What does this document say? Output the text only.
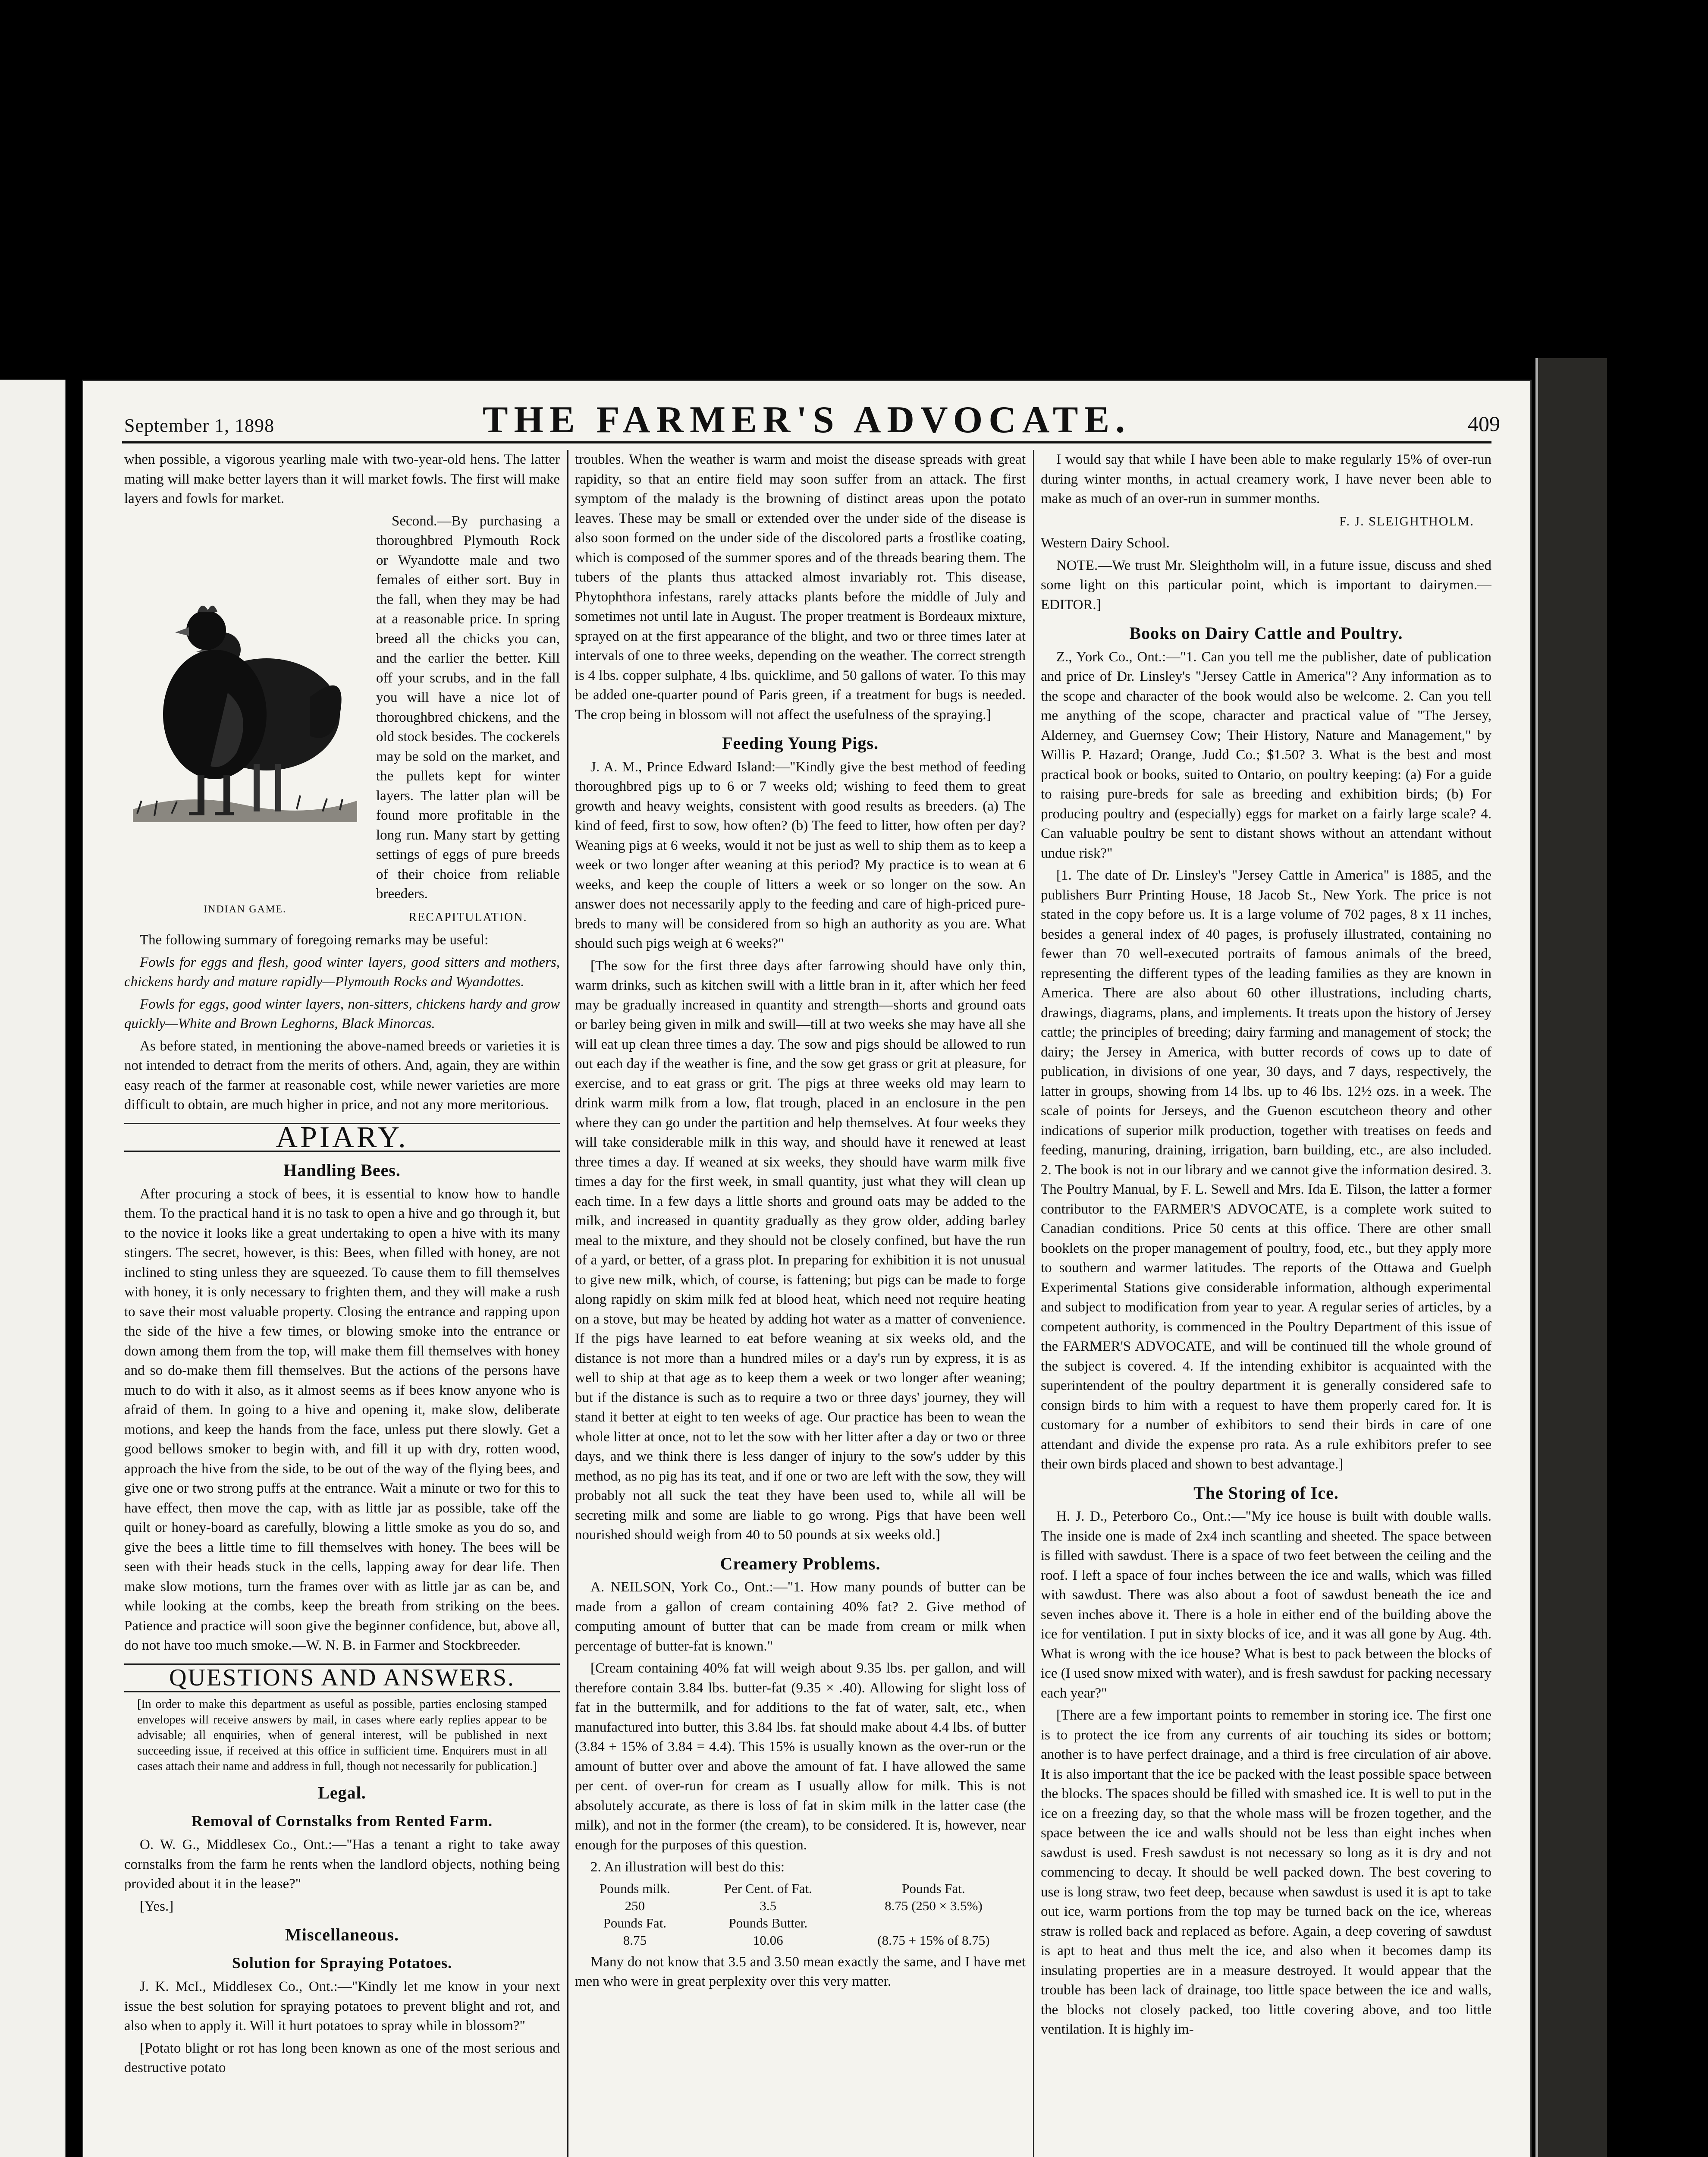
September 1, 1898	THE FARMER'S ADVOCATE.	409

when possible, a vigorous yearling male with two-year-old hens. The latter mating will make better layers than it will market fowls. The first will make layers and fowls for market.

INDIAN GAME.

Second.—By purchasing a thoroughbred Plymouth Rock or Wyandotte male and two females of either sort. Buy in the fall, when they may be had at a reasonable price. In spring breed all the chicks you can, and the earlier the better. Kill off your scrubs, and in the fall you will have a nice lot of thoroughbred chickens, and the old stock besides. The cockerels may be sold on the market, and the pullets kept for winter layers. The latter plan will be found more profitable in the long run. Many start by getting settings of eggs of pure breeds of their choice from reliable breeders.

RECAPITULATION.

The following summary of foregoing remarks may be useful:

Fowls for eggs and flesh, good winter layers, good sitters and mothers, chickens hardy and mature rapidly—Plymouth Rocks and Wyandottes.

Fowls for eggs, good winter layers, non-sitters, chickens hardy and grow quickly—White and Brown Leghorns, Black Minorcas.

As before stated, in mentioning the above-named breeds or varieties it is not intended to detract from the merits of others. And, again, they are within easy reach of the farmer at reasonable cost, while newer varieties are more difficult to obtain, are much higher in price, and not any more meritorious.

APIARY.
Handling Bees.

After procuring a stock of bees, it is essential to know how to handle them. To the practical hand it is no task to open a hive and go through it, but to the novice it looks like a great undertaking to open a hive with its many stingers. The secret, however, is this: Bees, when filled with honey, are not inclined to sting unless they are squeezed. To cause them to fill themselves with honey, it is only necessary to frighten them, and they will make a rush to save their most valuable property. Closing the entrance and rapping upon the side of the hive a few times, or blowing smoke into the entrance or down among them from the top, will make them fill themselves with honey and so do-make them fill themselves. But the actions of the persons have much to do with it also, as it almost seems as if bees know anyone who is afraid of them. In going to a hive and opening it, make slow, deliberate motions, and keep the hands from the face, unless put there slowly. Get a good bellows smoker to begin with, and fill it up with dry, rotten wood, approach the hive from the side, to be out of the way of the flying bees, and give one or two strong puffs at the entrance. Wait a minute or two for this to have effect, then move the cap, with as little jar as possible, take off the quilt or honey-board as carefully, blowing a little smoke as you do so, and give the bees a little time to fill themselves with honey. The bees will be seen with their heads stuck in the cells, lapping away for dear life. Then make slow motions, turn the frames over with as little jar as can be, and while looking at the combs, keep the breath from striking on the bees. Patience and practice will soon give the beginner confidence, but, above all, do not have too much smoke.—W. N. B. in Farmer and Stockbreeder.

QUESTIONS AND ANSWERS.
[In order to make this department as useful as possible, parties enclosing stamped envelopes will receive answers by mail, in cases where early replies appear to be advisable; all enquiries, when of general interest, will be published in next succeeding issue, if received at this office in sufficient time. Enquirers must in all cases attach their name and address in full, though not necessarily for publication.]
Legal.
Removal of Cornstalks from Rented Farm.

O. W. G., Middlesex Co., Ont.:—"Has a tenant a right to take away cornstalks from the farm he rents when the landlord objects, nothing being provided about it in the lease?"

[Yes.]

Miscellaneous.
Solution for Spraying Potatoes.

J. K. McI., Middlesex Co., Ont.:—"Kindly let me know in your next issue the best solution for spraying potatoes to prevent blight and rot, and also when to apply it. Will it hurt potatoes to spray while in blossom?"

[Potato blight or rot has long been known as one of the most serious and destructive potato

troubles. When the weather is warm and moist the disease spreads with great rapidity, so that an entire field may soon suffer from an attack. The first symptom of the malady is the browning of distinct areas upon the potato leaves. These may be small or extended over the under side of the disease is also soon formed on the under side of the discolored parts a frostlike coating, which is composed of the summer spores and of the threads bearing them. The tubers of the plants thus attacked almost invariably rot. This disease, Phytophthora infestans, rarely attacks plants before the middle of July and sometimes not until late in August. The proper treatment is Bordeaux mixture, sprayed on at the first appearance of the blight, and two or three times later at intervals of one to three weeks, depending on the weather. The correct strength is 4 lbs. copper sulphate, 4 lbs. quicklime, and 50 gallons of water. To this may be added one-quarter pound of Paris green, if a treatment for bugs is needed. The crop being in blossom will not affect the usefulness of the spraying.]

Feeding Young Pigs.

J. A. M., Prince Edward Island:—"Kindly give the best method of feeding thoroughbred pigs up to 6 or 7 weeks old; wishing to feed them to great growth and heavy weights, consistent with good results as breeders. (a) The kind of feed, first to sow, how often? (b) The feed to litter, how often per day? Weaning pigs at 6 weeks, would it not be just as well to ship them as to keep a week or two longer after weaning at this period? My practice is to wean at 6 weeks, and keep the couple of litters a week or so longer on the sow. An answer does not necessarily apply to the feeding and care of high-priced pure-breds to many will be considered from so high an authority as you are. What should such pigs weigh at 6 weeks?"

[The sow for the first three days after farrowing should have only thin, warm drinks, such as kitchen swill with a little bran in it, after which her feed may be gradually increased in quantity and strength—shorts and ground oats or barley being given in milk and swill—till at two weeks she may have all she will eat up clean three times a day. The sow and pigs should be allowed to run out each day if the weather is fine, and the sow get grass or grit at pleasure, for exercise, and to eat grass or grit. The pigs at three weeks old may learn to drink warm milk from a low, flat trough, placed in an enclosure in the pen where they can go under the partition and help themselves. At four weeks they will take considerable milk in this way, and should have it renewed at least three times a day. If weaned at six weeks, they should have warm milk five times a day for the first week, in small quantity, just what they will clean up each time. In a few days a little shorts and ground oats may be added to the milk, and increased in quantity gradually as they grow older, adding barley meal to the mixture, and they should not be closely confined, but have the run of a yard, or better, of a grass plot. In preparing for exhibition it is not unusual to give new milk, which, of course, is fattening; but pigs can be made to forge along rapidly on skim milk fed at blood heat, which need not require heating on a stove, but may be heated by adding hot water as a matter of convenience. If the pigs have learned to eat before weaning at six weeks old, and the distance is not more than a hundred miles or a day's run by express, it is as well to ship at that age as to keep them a week or two longer after weaning; but if the distance is such as to require a two or three days' journey, they will stand it better at eight to ten weeks of age. Our practice has been to wean the whole litter at once, not to let the sow with her litter after a day or two or three days, and we think there is less danger of injury to the sow's udder by this method, as no pig has its teat, and if one or two are left with the sow, they will probably not all suck the teat they have been used to, while all will be secreting milk and some are liable to go wrong. Pigs that have been well nourished should weigh from 40 to 50 pounds at six weeks old.]

Creamery Problems.

A. NEILSON, York Co., Ont.:—"1. How many pounds of butter can be made from a gallon of cream containing 40% fat? 2. Give method of computing amount of butter that can be made from cream or milk when percentage of butter-fat is known."

[Cream containing 40% fat will weigh about 9.35 lbs. per gallon, and will therefore contain 3.84 lbs. butter-fat (9.35 × .40). Allowing for slight loss of fat in the buttermilk, and for additions to the fat of water, salt, etc., when manufactured into butter, this 3.84 lbs. fat should make about 4.4 lbs. of butter (3.84 + 15% of 3.84 = 4.4). This 15% is usually known as the over-run or the amount of butter over and above the amount of fat. I have allowed the same per cent. of over-run for cream as I usually allow for milk. This is not absolutely accurate, as there is loss of fat in skim milk in the latter case (the milk), and not in the former (the cream), to be considered. It is, however, near enough for the purposes of this question.

2. An illustration will best do this:

Pounds milk.	Per Cent. of Fat.	Pounds Fat.
250	3.5	8.75 (250 × 3.5%)
Pounds Fat.	Pounds Butter.	
8.75	10.06	(8.75 + 15% of 8.75)

Many do not know that 3.5 and 3.50 mean exactly the same, and I have met men who were in great perplexity over this very matter.

I would say that while I have been able to make regularly 15% of over-run during winter months, in actual creamery work, I have never been able to make as much of an over-run in summer months.

F. J. SLEIGHTHOLM.

Western Dairy School.

NOTE.—We trust Mr. Sleightholm will, in a future issue, discuss and shed some light on this particular point, which is important to dairymen.—EDITOR.]

Books on Dairy Cattle and Poultry.

Z., York Co., Ont.:—"1. Can you tell me the publisher, date of publication and price of Dr. Linsley's "Jersey Cattle in America"? Any information as to the scope and character of the book would also be welcome. 2. Can you tell me anything of the scope, character and practical value of "The Jersey, Alderney, and Guernsey Cow; Their History, Nature and Management," by Willis P. Hazard; Orange, Judd Co.; $1.50? 3. What is the best and most practical book or books, suited to Ontario, on poultry keeping: (a) For a guide to raising pure-breds for sale as breeding and exhibition birds; (b) For producing poultry and (especially) eggs for market on a fairly large scale? 4. Can valuable poultry be sent to distant shows without an attendant without undue risk?"

[1. The date of Dr. Linsley's "Jersey Cattle in America" is 1885, and the publishers Burr Printing House, 18 Jacob St., New York. The price is not stated in the copy before us. It is a large volume of 702 pages, 8 x 11 inches, besides a general index of 40 pages, is profusely illustrated, containing no fewer than 70 well-executed portraits of famous animals of the breed, representing the different types of the leading families as they are known in America. There are also about 60 other illustrations, including charts, drawings, diagrams, plans, and implements. It treats upon the history of Jersey cattle; the principles of breeding; dairy farming and management of stock; the dairy; the Jersey in America, with butter records of cows up to date of publication, in divisions of one year, 30 days, and 7 days, respectively, the latter in groups, showing from 14 lbs. up to 46 lbs. 12½ ozs. in a week. The scale of points for Jerseys, and the Guenon escutcheon theory and other indications of superior milk production, together with treatises on feeds and feeding, manuring, draining, irrigation, barn building, etc., are also included. 2. The book is not in our library and we cannot give the information desired. 3. The Poultry Manual, by F. L. Sewell and Mrs. Ida E. Tilson, the latter a former contributor to the FARMER'S ADVOCATE, is a complete work suited to Canadian conditions. Price 50 cents at this office. There are other small booklets on the proper management of poultry, food, etc., but they apply more to southern and warmer latitudes. The reports of the Ottawa and Guelph Experimental Stations give considerable information, although experimental and subject to modification from year to year. A regular series of articles, by a competent authority, is commenced in the Poultry Department of this issue of the FARMER'S ADVOCATE, and will be continued till the whole ground of the subject is covered. 4. If the intending exhibitor is acquainted with the superintendent of the poultry department it is generally considered safe to consign birds to him with a request to have them properly cared for. It is customary for a number of exhibitors to send their birds in care of one attendant and divide the expense pro rata. As a rule exhibitors prefer to see their own birds placed and shown to best advantage.]

The Storing of Ice.

H. J. D., Peterboro Co., Ont.:—"My ice house is built with double walls. The inside one is made of 2x4 inch scantling and sheeted. The space between is filled with sawdust. There is a space of two feet between the ceiling and the roof. I left a space of four inches between the ice and walls, which was filled with sawdust. There was also about a foot of sawdust beneath the ice and seven inches above it. There is a hole in either end of the building above the ice for ventilation. I put in sixty blocks of ice, and it was all gone by Aug. 4th. What is wrong with the ice house? What is best to pack between the blocks of ice (I used snow mixed with water), and is fresh sawdust for packing necessary each year?"

[There are a few important points to remember in storing ice. The first one is to protect the ice from any currents of air touching its sides or bottom; another is to have perfect drainage, and a third is free circulation of air above. It is also important that the ice be packed with the least possible space between the blocks. The spaces should be filled with smashed ice. It is well to put in the ice on a freezing day, so that the whole mass will be frozen together, and the space between the ice and walls should not be less than eight inches when sawdust is used. Fresh sawdust is not necessary so long as it is dry and not commencing to decay. It should be well packed down. The best covering to use is long straw, two feet deep, because when sawdust is used it is apt to take out ice, warm portions from the top may be turned back on the ice, whereas straw is rolled back and replaced as before. Again, a deep covering of sawdust is apt to heat and thus melt the ice, and also when it becomes damp its insulating properties are in a measure destroyed. It would appear that the trouble has been lack of drainage, too little space between the ice and walls, the blocks not closely packed, too little covering above, and too little ventilation. It is highly im-
